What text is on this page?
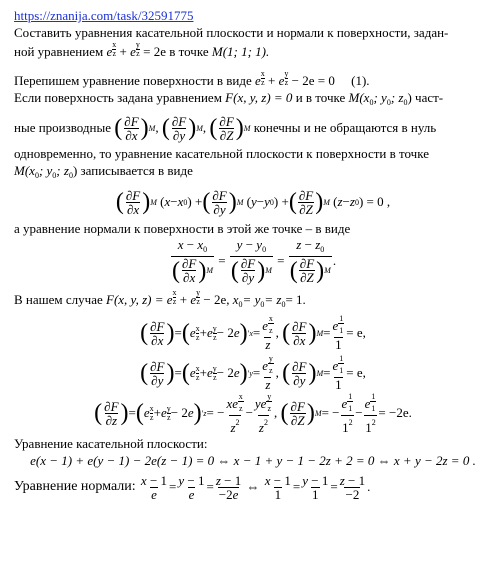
https://znanija.com/task/32591775

Составить уравнения касательной плоскости и нормали к поверхности, задан-

ной уравнением e $\frac{x}{z} + e \frac{y}{z} = 2e$ в точке M(1; 1; 1).

Перепишем уравнение поверхности в виде e $\frac{x}{z} + e \frac{y}{z} - 2e = 0$ (1).

Если поверхность задана уравнением F(x, y, z) = 0 и в точке $M(x_0$; $y_0$; $z_0$) част-

ные производные
( ∂F
∂x ) M , ( ∂F
∂y ) M , ( ∂F
∂Z ) M
конечны и не обращаются в нуль

одновременно, то уравнение касательной плоскости к поверхности в точке

$M(x_0$; $y_0$; $z_0$) записывается в виде

( ∂F
∂x ) M ( x − x 0 ) + ( ∂F
∂y ) M ( y − y 0 ) + ( ∂F
∂Z ) M ( z − z 0 ) = 0 ,

а уравнение нормали к поверхности в этой же точке – в виде

$x - x_0$
( ∂F
∂x ) M
=
$y - y_0$
( ∂F
∂y ) M
=
$z - z_0$
( ∂F
∂Z ) M
.

В нашем случае F(x, y, z) = e $\frac{x}{z} + e \frac{y}{z} - 2e$, $x_0= y_0= z_0= 1$.

( ∂F
∂x ) = ( e x
z + e y
z − 2 e ) ′x = e $\frac{x}{z}$
z
, ( ∂F
∂x ) $M = \frac{e \frac{1}{1}}{1} = e$,
( ∂F
∂y ) = ( e x
z + e y
z − 2 e ) ′y = e $\frac{y}{z}$
z
, ( ∂F
∂y ) $M = \frac{e \frac{1}{1}}{1} = e$,
( ∂F
∂z ) = ( e x
z + e y
z − 2 e ) ′z = −
xe $\frac{x}{z}$
$z^2$
−
ye $\frac{y}{z}$
$z^2$
, ( ∂F
∂Z ) M = −
e $\frac{1}{1}$
$1^2$
− $\frac{e \frac{1}{1}}{1^2} = -2e$.

Уравнение касательной плоскости:

e(x − 1) + e(y − 1) − 2e(z − 1) = 0 ⇔ x − 1 + y − 1 − 2z + 2 = 0 ⇔ x + y − 2z = 0 .

Уравнение нормали:
x − 1
e = y − 1
e = z − 1
−2e ⇔ x − 1
1 = y − 1
1 = z − 1
−2 .
